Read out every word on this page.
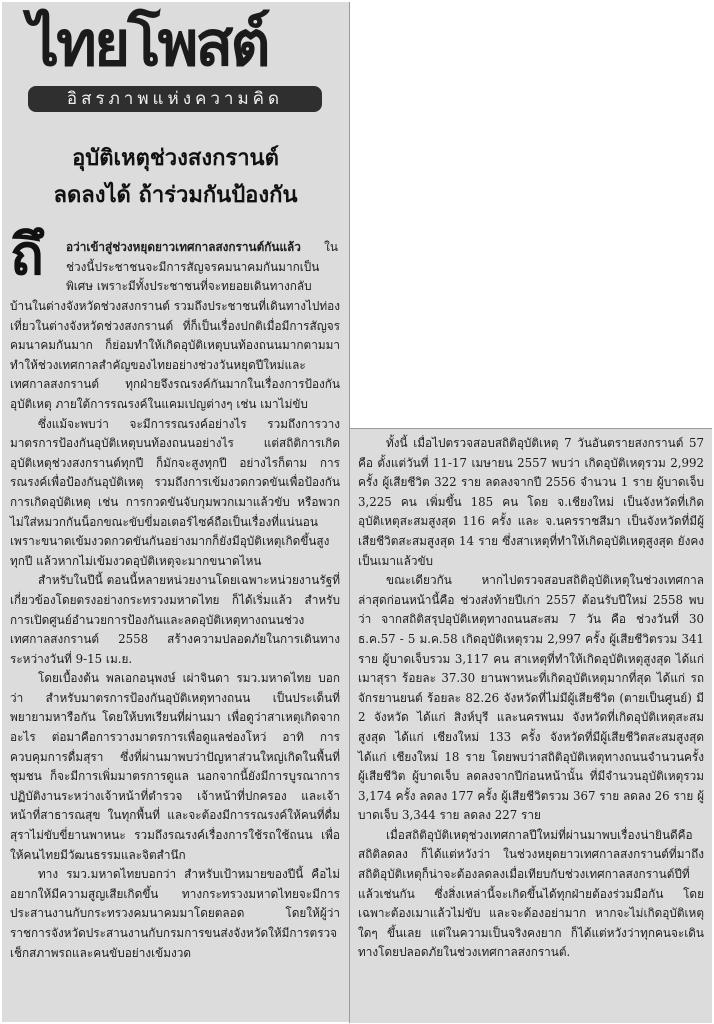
ไทยโพสต์
อิสรภาพแห่งความคิด
อุบัติเหตุช่วงสงกรานต์
ลดลงได้ ถ้าร่วมกันป้องกัน
ถึ	อว่าเข้าสู่ช่วงหยุดยาวเทศกาลสงกรานต์กันแล้ว ในช่วงนี้ประชาชนจะมีการสัญจรคมนาคมกันมากเป็นพิเศษ เพราะมีทั้งประชาชนที่จะทยอยเดินทางกลับ

บ้านในต่างจังหวัดช่วงสงกรานต์ รวมถึงประชาชนที่เดินทางไปท่องเที่ยวในต่างจังหวัดช่วงสงกรานต์ ที่ก็เป็นเรื่องปกติเมื่อมีการสัญจรคมนาคมกันมาก ก็ย่อมทำให้เกิดอุบัติเหตุบนท้องถนนมากตามมา ทำให้ช่วงเทศกาลสำคัญของไทยอย่างช่วงวันหยุดปีใหม่และเทศกาลสงกรานต์ ทุกฝ่ายจึงรณรงค์กันมากในเรื่องการป้องกันอุบัติเหตุ ภายใต้การรณรงค์ในแคมเปญต่างๆ เช่น เมาไม่ขับ

ซึ่งแม้จะพบว่า จะมีการรณรงค์อย่างไร รวมถึงการวางมาตรการป้องกันอุบัติเหตุบนท้องถนนอย่างไร แต่สถิติการเกิดอุบัติเหตุช่วงสงกรานต์ทุกปี ก็มักจะสูงทุกปี อย่างไรก็ตาม การรณรงค์เพื่อป้องกันอุบัติเหตุ รวมถึงการเข้มงวดกวดขันเพื่อป้องกันการเกิดอุบัติเหตุ เช่น การกวดขันจับกุมพวกเมาแล้วขับ หรือพวกไม่ใส่หมวกกันน็อกขณะขับขี่มอเตอร์ไซค์ถือเป็นเรื่องที่แน่นอน เพราะขนาดเข้มงวดกวดขันกันอย่างมากก็ยังมีอุบัติเหตุเกิดขึ้นสูงทุกปี แล้วหากไม่เข้มงวดอุบัติเหตุจะมากขนาดไหน

สำหรับในปีนี้ ตอนนี้หลายหน่วยงานโดยเฉพาะหน่วยงานรัฐที่เกี่ยวข้องโดยตรงอย่างกระทรวงมหาดไทย ก็ได้เริ่มแล้ว สำหรับการเปิดศูนย์อำนวยการป้องกันและลดอุบัติเหตุทางถนนช่วงเทศกาลสงกรานต์ 2558 สร้างความปลอดภัยในการเดินทาง ระหว่างวันที่ 9-15 เม.ย.

โดยเบื้องต้น พลเอกอนุพงษ์ เผ่าจินดา รมว.มหาดไทย บอกว่า สำหรับมาตรการป้องกันอุบัติเหตุทางถนน เป็นประเด็นที่พยายามหารือกัน โดยให้บทเรียนที่ผ่านมา เพื่อดูว่าสาเหตุเกิดจากอะไร ต่อมาคือการวางมาตรการเพื่อดูแลช่องโหว่ อาทิ การควบคุมการดื่มสุรา ซึ่งที่ผ่านมาพบว่าปัญหาส่วนใหญ่เกิดในพื้นที่ชุมชน ก็จะมีการเพิ่มมาตรการดูแล นอกจากนี้ยังมีการบูรณาการปฏิบัติงานระหว่างเจ้าหน้าที่ตำรวจ เจ้าหน้าที่ปกครอง และเจ้าหน้าที่สาธารณสุข ในทุกพื้นที่ และจะต้องมีการรณรงค์ให้คนที่ดื่มสุราไม่ขับขี่ยานพาหนะ รวมถึงรณรงค์เรื่องการใช้รถใช้ถนน เพื่อให้คนไทยมีวัฒนธรรมและจิตสำนึก

ทาง รมว.มหาดไทยบอกว่า สำหรับเป้าหมายของปีนี้ คือไม่อยากให้มีความสูญเสียเกิดขึ้น ทางกระทรวงมหาดไทยจะมีการประสานงานกับกระทรวงคมนาคมมาโดยตลอด โดยให้ผู้ว่าราชการจังหวัดประสานงานกับกรมการขนส่งจังหวัดให้มีการตรวจเช็กสภาพรถและคนขับอย่างเข้มงวด

ทั้งนี้ เมื่อไปตรวจสอบสถิติอุบัติเหตุ 7 วันอันตรายสงกรานต์ 57 คือ ตั้งแต่วันที่ 11-17 เมษายน 2557 พบว่า เกิดอุบัติเหตุรวม 2,992 ครั้ง ผู้เสียชีวิต 322 ราย ลดลงจากปี 2556 จำนวน 1 ราย ผู้บาดเจ็บ 3,225 คน เพิ่มขึ้น 185 คน โดย จ.เชียงใหม่ เป็นจังหวัดที่เกิดอุบัติเหตุสะสมสูงสุด 116 ครั้ง และ จ.นครราชสีมา เป็นจังหวัดที่มีผู้เสียชีวิตสะสมสูงสุด 14 ราย ซึ่งสาเหตุที่ทำให้เกิดอุบัติเหตุสูงสุด ยังคงเป็นเมาแล้วขับ

ขณะเดียวกัน หากไปตรวจสอบสถิติอุบัติเหตุในช่วงเทศกาลล่าสุดก่อนหน้านี้คือ ช่วงส่งท้ายปีเก่า 2557 ต้อนรับปีใหม่ 2558 พบว่า จากสถิติสรุปอุบัติเหตุทางถนนสะสม 7 วัน คือ ช่วงวันที่ 30 ธ.ค.57 - 5 ม.ค.58 เกิดอุบัติเหตุรวม 2,997 ครั้ง ผู้เสียชีวิตรวม 341 ราย ผู้บาดเจ็บรวม 3,117 คน สาเหตุที่ทำให้เกิดอุบัติเหตุสูงสุด ได้แก่ เมาสุรา ร้อยละ 37.30 ยานพาหนะที่เกิดอุบัติเหตุมากที่สุด ได้แก่ รถจักรยานยนต์ ร้อยละ 82.26 จังหวัดที่ไม่มีผู้เสียชีวิต (ตายเป็นศูนย์) มี 2 จังหวัด ได้แก่ สิงห์บุรี และนครพนม จังหวัดที่เกิดอุบัติเหตุสะสมสูงสุด ได้แก่ เชียงใหม่ 133 ครั้ง จังหวัดที่มีผู้เสียชีวิตสะสมสูงสุด ได้แก่ เชียงใหม่ 18 ราย โดยพบว่าสถิติอุบัติเหตุทางถนนจำนวนครั้ง ผู้เสียชีวิต ผู้บาดเจ็บ ลดลงจากปีก่อนหน้านั้น ที่มีจำนวนอุบัติเหตุรวม 3,174 ครั้ง ลดลง 177 ครั้ง ผู้เสียชีวิตรวม 367 ราย ลดลง 26 ราย ผู้บาดเจ็บ 3,344 ราย ลดลง 227 ราย

เมื่อสถิติอุบัติเหตุช่วงเทศกาลปีใหม่ที่ผ่านมาพบเรื่องน่ายินดีคือ สถิติลดลง ก็ได้แต่หวังว่า ในช่วงหยุดยาวเทศกาลสงกรานต์ที่มาถึง สถิติอุบัติเหตุก็น่าจะต้องลดลงเมื่อเทียบกับช่วงเทศกาลสงกรานต์ปีที่แล้วเช่นกัน ซึ่งสิ่งเหล่านี้จะเกิดขึ้นได้ทุกฝ่ายต้องร่วมมือกัน โดยเฉพาะต้องเมาแล้วไม่ขับ และจะต้องอย่ามาก หากจะไม่เกิดอุบัติเหตุใดๆ ขึ้นเลย แต่ในความเป็นจริงคงยาก ก็ได้แต่หวังว่าทุกคนจะเดินทางโดยปลอดภัยในช่วงเทศกาลสงกรานต์.
